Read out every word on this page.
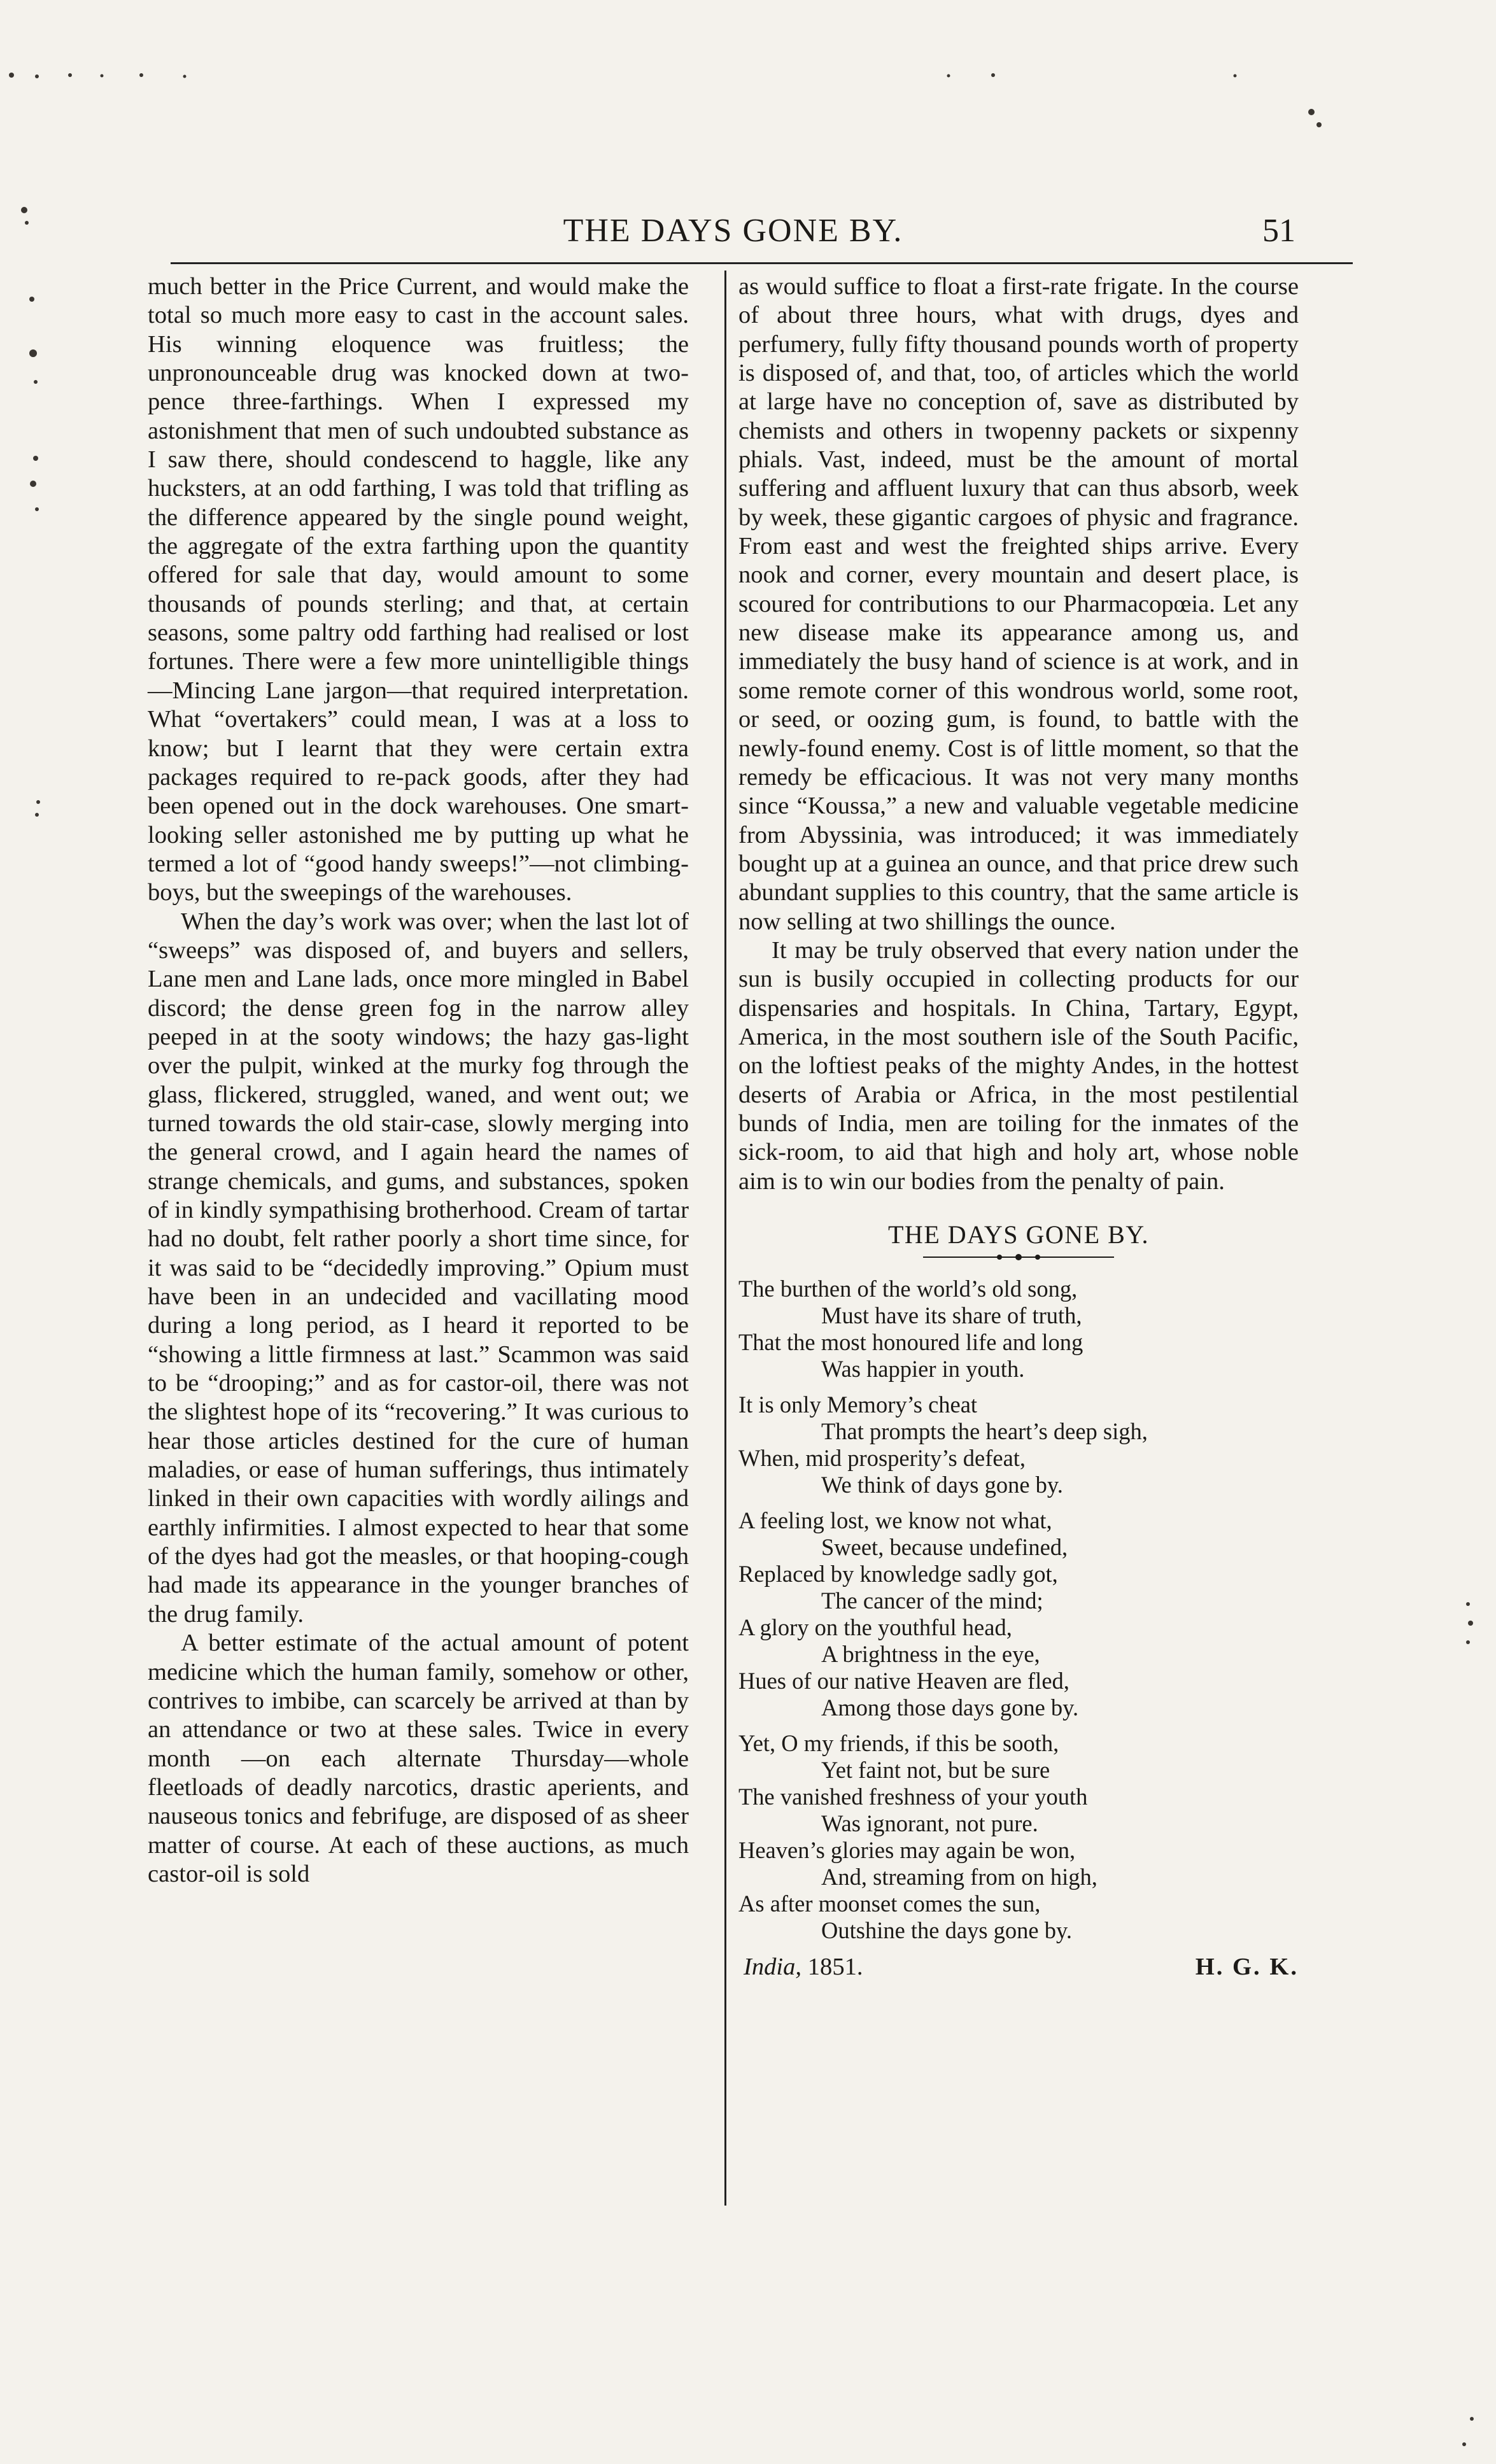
THE DAYS GONE BY.	51

much better in the Price Current, and would make the total so much more easy to cast in the account sales. His winning eloquence was fruitless; the unpronounceable drug was knocked down at two-pence three-farthings. When I expressed my astonishment that men of such undoubted substance as I saw there, should condescend to haggle, like any hucksters, at an odd farthing, I was told that trifling as the difference appeared by the single pound weight, the aggregate of the extra farthing upon the quantity offered for sale that day, would amount to some thousands of pounds sterling; and that, at certain seasons, some paltry odd farthing had realised or lost fortunes. There were a few more unintelligible things—Mincing Lane jargon—that required interpretation. What “overtakers” could mean, I was at a loss to know; but I learnt that they were certain extra packages required to re-pack goods, after they had been opened out in the dock warehouses. One smart-looking seller astonished me by putting up what he termed a lot of “good handy sweeps!”—not climbing-boys, but the sweepings of the warehouses.

When the day’s work was over; when the last lot of “sweeps” was disposed of, and buyers and sellers, Lane men and Lane lads, once more mingled in Babel discord; the dense green fog in the narrow alley peeped in at the sooty windows; the hazy gas-light over the pulpit, winked at the murky fog through the glass, flickered, struggled, waned, and went out; we turned towards the old stair-case, slowly merging into the general crowd, and I again heard the names of strange chemicals, and gums, and substances, spoken of in kindly sympathising brotherhood. Cream of tartar had no doubt, felt rather poorly a short time since, for it was said to be “decidedly improving.” Opium must have been in an undecided and vacillating mood during a long period, as I heard it reported to be “showing a little firmness at last.” Scammon was said to be “drooping;” and as for castor-oil, there was not the slightest hope of its “recovering.” It was curious to hear those articles destined for the cure of human maladies, or ease of human sufferings, thus intimately linked in their own capacities with wordly ailings and earthly infirmities. I almost expected to hear that some of the dyes had got the measles, or that hooping-cough had made its appearance in the younger branches of the drug family.

A better estimate of the actual amount of potent medicine which the human family, somehow or other, contrives to imbibe, can scarcely be arrived at than by an attendance or two at these sales. Twice in every month —on each alternate Thursday—whole fleetloads of deadly narcotics, drastic aperients, and nauseous tonics and febrifuge, are disposed of as sheer matter of course. At each of these auctions, as much castor-oil is sold

as would suffice to float a first-rate frigate. In the course of about three hours, what with drugs, dyes and perfumery, fully fifty thousand pounds worth of property is disposed of, and that, too, of articles which the world at large have no conception of, save as distributed by chemists and others in twopenny packets or sixpenny phials. Vast, indeed, must be the amount of mortal suffering and affluent luxury that can thus absorb, week by week, these gigantic cargoes of physic and fragrance. From east and west the freighted ships arrive. Every nook and corner, every mountain and desert place, is scoured for contributions to our Pharmacopœia. Let any new disease make its appearance among us, and immediately the busy hand of science is at work, and in some remote corner of this wondrous world, some root, or seed, or oozing gum, is found, to battle with the newly-found enemy. Cost is of little moment, so that the remedy be efficacious. It was not very many months since “Koussa,” a new and valuable vegetable medicine from Abyssinia, was introduced; it was immediately bought up at a guinea an ounce, and that price drew such abundant supplies to this country, that the same article is now selling at two shillings the ounce.

It may be truly observed that every nation under the sun is busily occupied in collecting products for our dispensaries and hospitals. In China, Tartary, Egypt, America, in the most southern isle of the South Pacific, on the loftiest peaks of the mighty Andes, in the hottest deserts of Arabia or Africa, in the most pestilential bunds of India, men are toiling for the inmates of the sick-room, to aid that high and holy art, whose noble aim is to win our bodies from the penalty of pain.

THE DAYS GONE BY.
The burthen of the world’s old song,
Must have its share of truth,
That the most honoured life and long
Was happier in youth.
It is only Memory’s cheat
That prompts the heart’s deep sigh,
When, mid prosperity’s defeat,
We think of days gone by.
A feeling lost, we know not what,
Sweet, because undefined,
Replaced by knowledge sadly got,
The cancer of the mind;
A glory on the youthful head,
A brightness in the eye,
Hues of our native Heaven are fled,
Among those days gone by.
Yet, O my friends, if this be sooth,
Yet faint not, but be sure
The vanished freshness of your youth
Was ignorant, not pure.
Heaven’s glories may again be won,
And, streaming from on high,
As after moonset comes the sun,
Outshine the days gone by.
India, 1851.	H. G. K.
